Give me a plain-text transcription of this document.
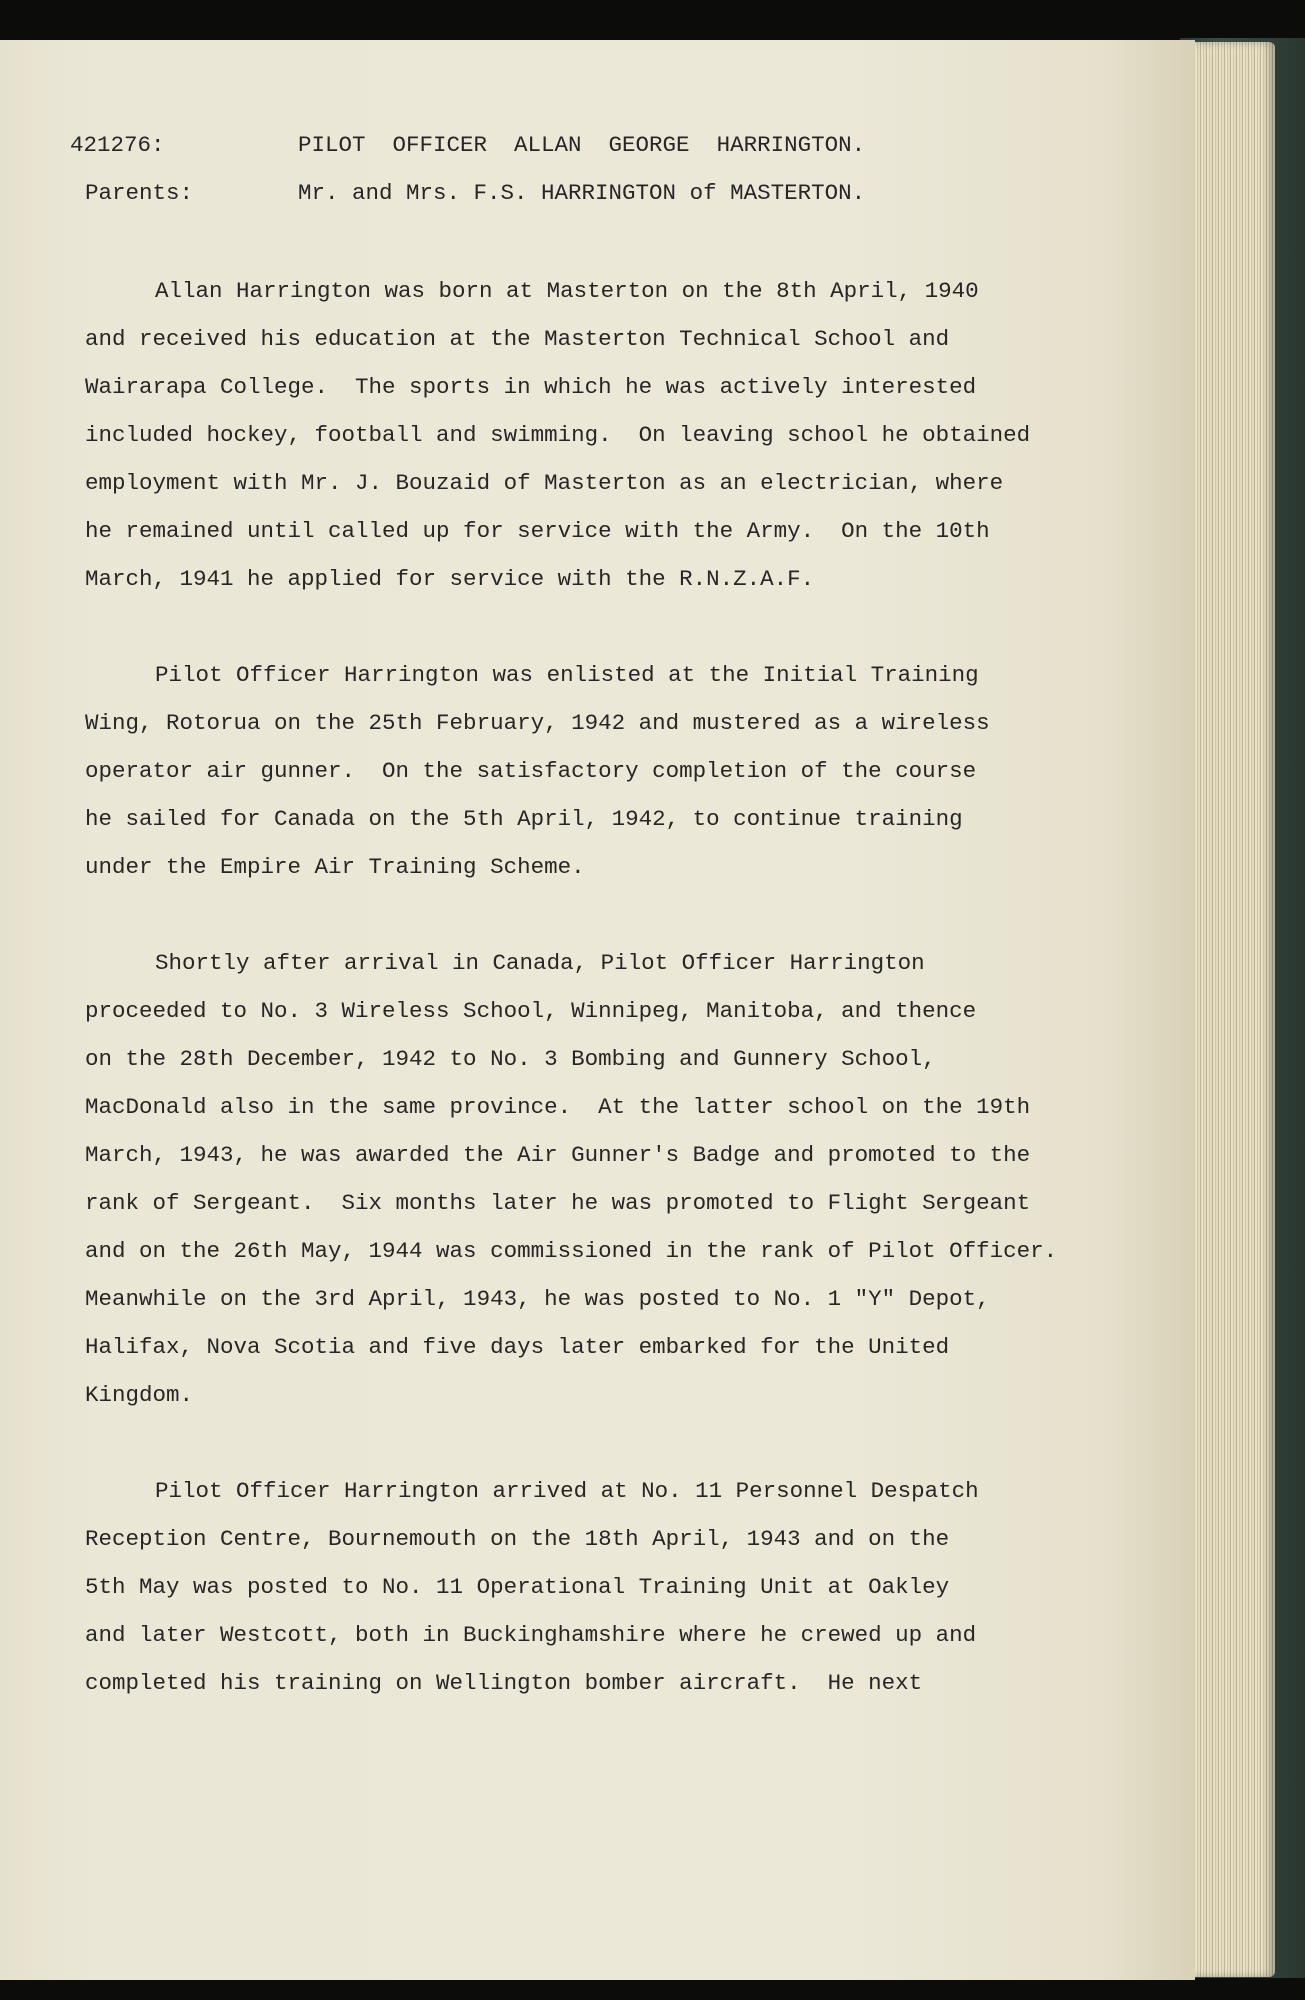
421276:	PILOT  OFFICER  ALLAN  GEORGE  HARRINGTON.
Parents:	Mr. and Mrs. F.S. HARRINGTON of MASTERTON.
Allan Harrington was born at Masterton on the 8th April, 1940
and received his education at the Masterton Technical School and
Wairarapa College.  The sports in which he was actively interested
included hockey, football and swimming.  On leaving school he obtained
employment with Mr. J. Bouzaid of Masterton as an electrician, where
he remained until called up for service with the Army.  On the 10th
March, 1941 he applied for service with the R.N.Z.A.F.
Pilot Officer Harrington was enlisted at the Initial Training
Wing, Rotorua on the 25th February, 1942 and mustered as a wireless
operator air gunner.  On the satisfactory completion of the course
he sailed for Canada on the 5th April, 1942, to continue training
under the Empire Air Training Scheme.
Shortly after arrival in Canada, Pilot Officer Harrington
proceeded to No. 3 Wireless School, Winnipeg, Manitoba, and thence
on the 28th December, 1942 to No. 3 Bombing and Gunnery School,
MacDonald also in the same province.  At the latter school on the 19th
March, 1943, he was awarded the Air Gunner's Badge and promoted to the
rank of Sergeant.  Six months later he was promoted to Flight Sergeant
and on the 26th May, 1944 was commissioned in the rank of Pilot Officer.
Meanwhile on the 3rd April, 1943, he was posted to No. 1 "Y" Depot,
Halifax, Nova Scotia and five days later embarked for the United
Kingdom.
Pilot Officer Harrington arrived at No. 11 Personnel Despatch
Reception Centre, Bournemouth on the 18th April, 1943 and on the
5th May was posted to No. 11 Operational Training Unit at Oakley
and later Westcott, both in Buckinghamshire where he crewed up and
completed his training on Wellington bomber aircraft.  He next
